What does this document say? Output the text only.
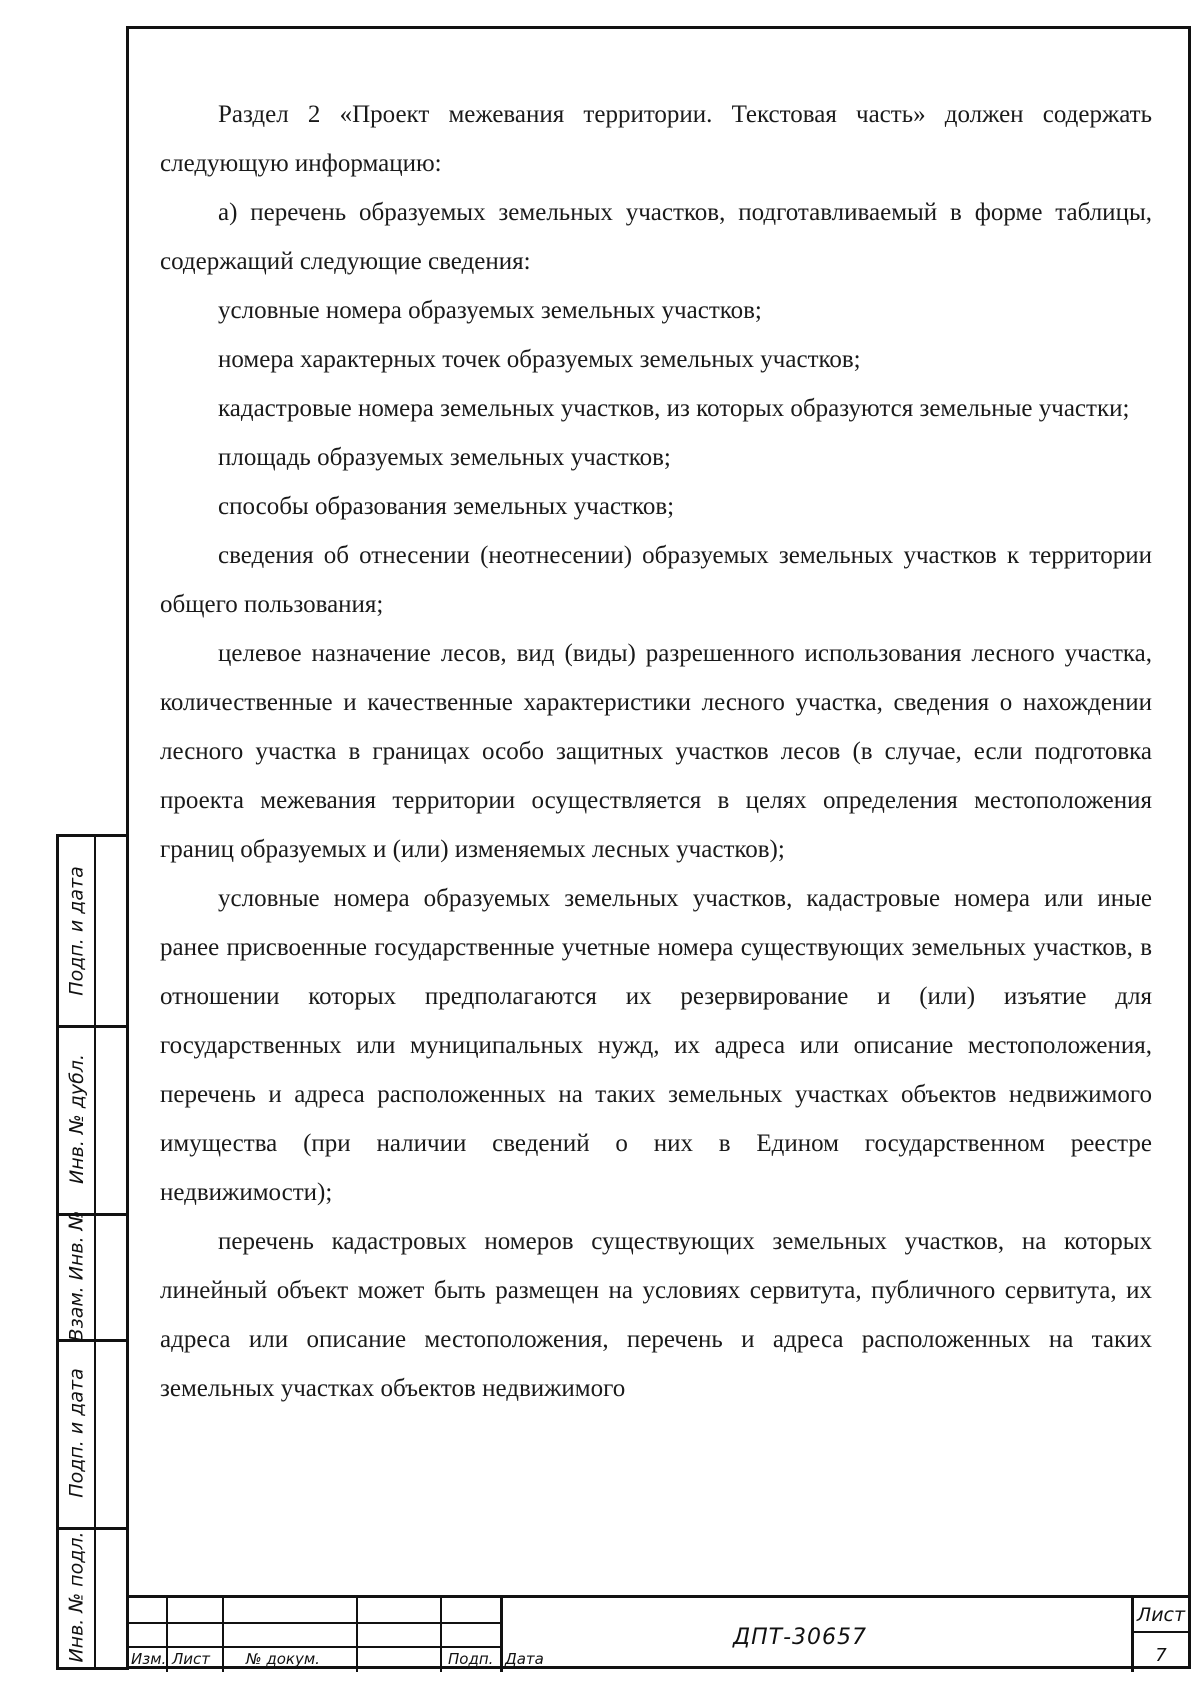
Раздел 2 «Проект межевания территории. Текстовая часть» должен содержать следующую информацию:

а) перечень образуемых земельных участков, подготавливаемый в форме таблицы, содержащий следующие сведения:

условные номера образуемых земельных участков;

номера характерных точек образуемых земельных участков;

кадастровые номера земельных участков, из которых образуются земельные участки;

площадь образуемых земельных участков;

способы образования земельных участков;

сведения об отнесении (неотнесении) образуемых земельных участков к территории общего пользования;

целевое назначение лесов, вид (виды) разрешенного использования лесного участка, количественные и качественные характеристики лесного участка, сведения о нахождении лесного участка в границах особо защитных участков лесов (в случае, если подготовка проекта межевания территории осуществляется в целях определения местоположения границ образуемых и (или) изменяемых лесных участков);

условные номера образуемых земельных участков, кадастровые номера или иные ранее присвоенные государственные учетные номера существующих земельных участков, в отношении которых предполагаются их резервирование и (или) изъятие для государственных или муниципальных нужд, их адреса или описание местоположения, перечень и адреса расположенных на таких земельных участках объектов недвижимого имущества (при наличии сведений о них в Едином государственном реестре недвижимости);

перечень кадастровых номеров существующих земельных участков, на которых линейный объект может быть размещен на условиях сервитута, публичного сервитута, их адреса или описание местоположения, перечень и адреса расположенных на таких земельных участках объектов недвижимого

Подп. и дата
Инв. № дубл.
Взам. Инв. №
Подп. и дата
Инв. № подл.	Изм. Лист № докум.	Подп. Дата
ДПТ-30657
Лист
7
